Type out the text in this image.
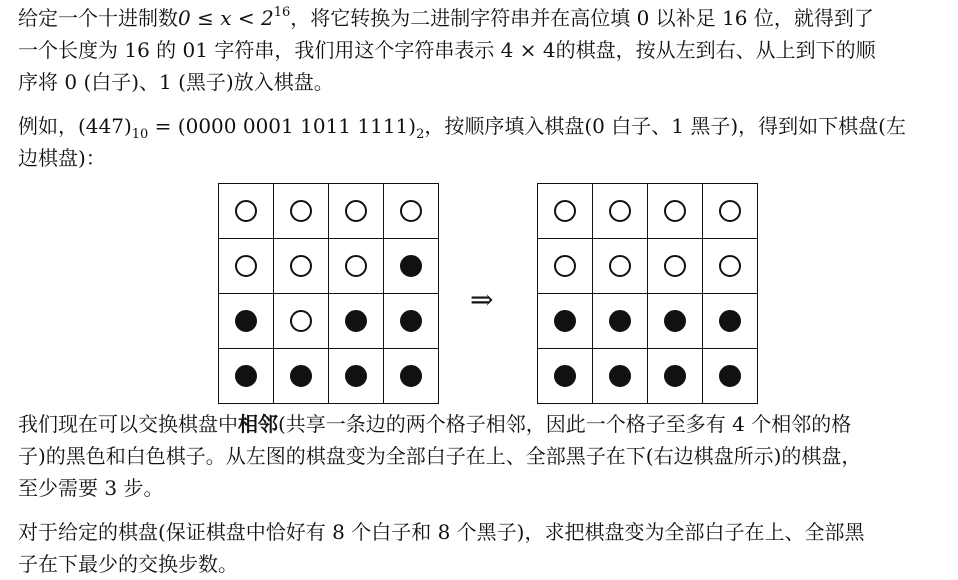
给定一个十进制数$0 \le x < 2^{16}$，将它转换为二进制字符串并在高位填 0 以补足 16 位，就得到了
一个长度为 16 的 01 字符串，我们用这个字符串表示 4 × 4的棋盘，按从左到右、从上到下的顺
序将 0 (白子)、1 (黑子)放入棋盘。
例如，$(447)_{10} = (0000$ 0001 1011 $1111)_2$，按顺序填入棋盘(0 白子、1 黑子)，得到如下棋盘(左
边棋盘)：

⇒

我们现在可以交换棋盘中相邻(共享一条边的两个格子相邻，因此一个格子至多有 4 个相邻的格
子)的黑色和白色棋子。从左图的棋盘变为全部白子在上、全部黑子在下(右边棋盘所示)的棋盘，
至少需要 3 步。
对于给定的棋盘(保证棋盘中恰好有 8 个白子和 8 个黑子)，求把棋盘变为全部白子在上、全部黑
子在下最少的交换步数。
